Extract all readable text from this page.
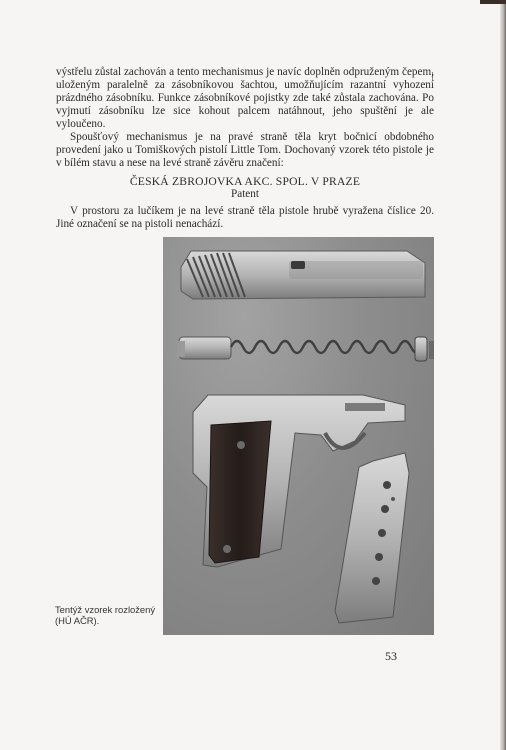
výstřelu zůstal zachován a tento mechanismus je navíc doplněn odpruženým čepem, uloženým paralelně za zásobníkovou šachtou, umožňujícím razantní vyhození prázdného zásobníku. Funkce zásobníkové pojistky zde také zůstala zachována. Po vyjmutí zásobníku lze sice kohout palcem natáhnout, jeho spuštění je ale vyloučeno.

Spoušťový mechanismus je na pravé straně těla kryt bočnicí obdobného provedení jako u Tomiškových pistolí Little Tom. Dochovaný vzorek této pistole je v bílém stavu a nese na levé straně závěru značení:

ČESKÁ ZBROJOVKA AKC. SPOL. V PRAZE

Patent

V prostoru za lučíkem je na levé straně těla pistole hrubě vyražena číslice 20. Jiné označení se na pistoli nenachází.

Tentýž vzorek rozložený
(HÚ AČR).
53
